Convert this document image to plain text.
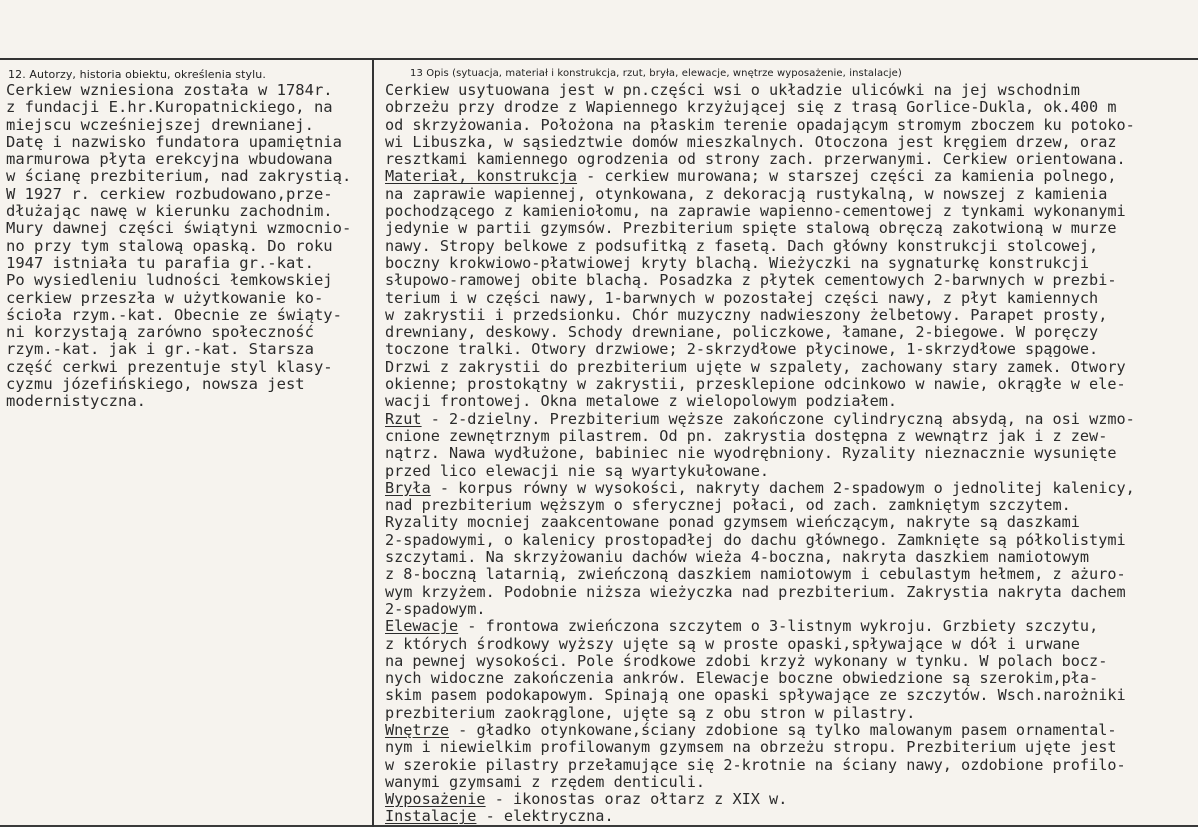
12. Autorzy, historia obiektu, określenia stylu.	13 Opis (sytuacja, materiał i konstrukcja, rzut, bryła, elewacje, wnętrze wyposażenie, instalacje)
Cerkiew wzniesiona została w 1784r.
z fundacji E.hr.Kuropatnickiego, na
miejscu wcześniejszej drewnianej.
Datę i nazwisko fundatora upamiętnia
marmurowa płyta erekcyjna wbudowana
w ścianę prezbiterium, nad zakrystią.
W 1927 r. cerkiew rozbudowano,prze-
dłużając nawę w kierunku zachodnim.
Mury dawnej części świątyni wzmocnio-
no przy tym stalową opaską. Do roku
1947 istniała tu parafia gr.-kat.
Po wysiedleniu ludności łemkowskiej
cerkiew przeszła w użytkowanie ko-
ścioła rzym.-kat. Obecnie ze świąty-
ni korzystają zarówno społeczność
rzym.-kat. jak i gr.-kat. Starsza
część cerkwi prezentuje styl klasy-
cyzmu józefińskiego, nowsza jest
modernistyczna.
Cerkiew usytuowana jest w pn.części wsi o układzie ulicówki na jej wschodnim
obrzeżu przy drodze z Wapiennego krzyżującej się z trasą Gorlice-Dukla, ok.400 m
od skrzyżowania. Położona na płaskim terenie opadającym stromym zboczem ku potoko-
wi Libuszka, w sąsiedztwie domów mieszkalnych. Otoczona jest kręgiem drzew, oraz
resztkami kamiennego ogrodzenia od strony zach. przerwanymi. Cerkiew orientowana.
Materiał, konstrukcja - cerkiew murowana; w starszej części za kamienia polnego,
na zaprawie wapiennej, otynkowana, z dekoracją rustykalną, w nowszej z kamienia
pochodzącego z kamieniołomu, na zaprawie wapienno-cementowej z tynkami wykonanymi
jedynie w partii gzymsów. Prezbiterium spięte stalową obręczą zakotwioną w murze
nawy. Stropy belkowe z podsufitką z fasetą. Dach główny konstrukcji stolcowej,
boczny krokwiowo-płatwiowej kryty blachą. Wieżyczki na sygnaturkę konstrukcji
słupowo-ramowej obite blachą. Posadzka z płytek cementowych 2-barwnych w prezbi-
terium i w części nawy, 1-barwnych w pozostałej części nawy, z płyt kamiennych
w zakrystii i przedsionku. Chór muzyczny nadwieszony żelbetowy. Parapet prosty,
drewniany, deskowy. Schody drewniane, policzkowe, łamane, 2-biegowe. W poręczy
toczone tralki. Otwory drzwiowe; 2-skrzydłowe płycinowe, 1-skrzydłowe spągowe.
Drzwi z zakrystii do prezbiterium ujęte w szpalety, zachowany stary zamek. Otwory
okienne; prostokątny w zakrystii, przesklepione odcinkowo w nawie, okrągłe w ele-
wacji frontowej. Okna metalowe z wielopolowym podziałem.
Rzut - 2-dzielny. Prezbiterium węższe zakończone cylindryczną absydą, na osi wzmo-
cnione zewnętrznym pilastrem. Od pn. zakrystia dostępna z wewnątrz jak i z zew-
nątrz. Nawa wydłużone, babiniec nie wyodrębniony. Ryzality nieznacznie wysunięte
przed lico elewacji nie są wyartykułowane.
Bryła - korpus równy w wysokości, nakryty dachem 2-spadowym o jednolitej kalenicy,
nad prezbiterium węższym o sferycznej połaci, od zach. zamkniętym szczytem.
Ryzality mocniej zaakcentowane ponad gzymsem wieńczącym, nakryte są daszkami
2-spadowymi, o kalenicy prostopadłej do dachu głównego. Zamknięte są półkolistymi
szczytami. Na skrzyżowaniu dachów wieża 4-boczna, nakryta daszkiem namiotowym
z 8-boczną latarnią, zwieńczoną daszkiem namiotowym i cebulastym hełmem, z ażuro-
wym krzyżem. Podobnie niższa wieżyczka nad prezbiterium. Zakrystia nakryta dachem
2-spadowym.
Elewacje - frontowa zwieńczona szczytem o 3-listnym wykroju. Grzbiety szczytu,
z których środkowy wyższy ujęte są w proste opaski,spływające w dół i urwane
na pewnej wysokości. Pole środkowe zdobi krzyż wykonany w tynku. W polach bocz-
nych widoczne zakończenia ankrów. Elewacje boczne obwiedzione są szerokim,pła-
skim pasem podokapowym. Spinają one opaski spływające ze szczytów. Wsch.narożniki
prezbiterium zaokrąglone, ujęte są z obu stron w pilastry.
Wnętrze - gładko otynkowane,ściany zdobione są tylko malowanym pasem ornamental-
nym i niewielkim profilowanym gzymsem na obrzeżu stropu. Prezbiterium ujęte jest
w szerokie pilastry przełamujące się 2-krotnie na ściany nawy, ozdobione profilo-
wanymi gzymsami z rzędem denticuli.
Wyposażenie - ikonostas oraz ołtarz z XIX w.
Instalacje - elektryczna.
